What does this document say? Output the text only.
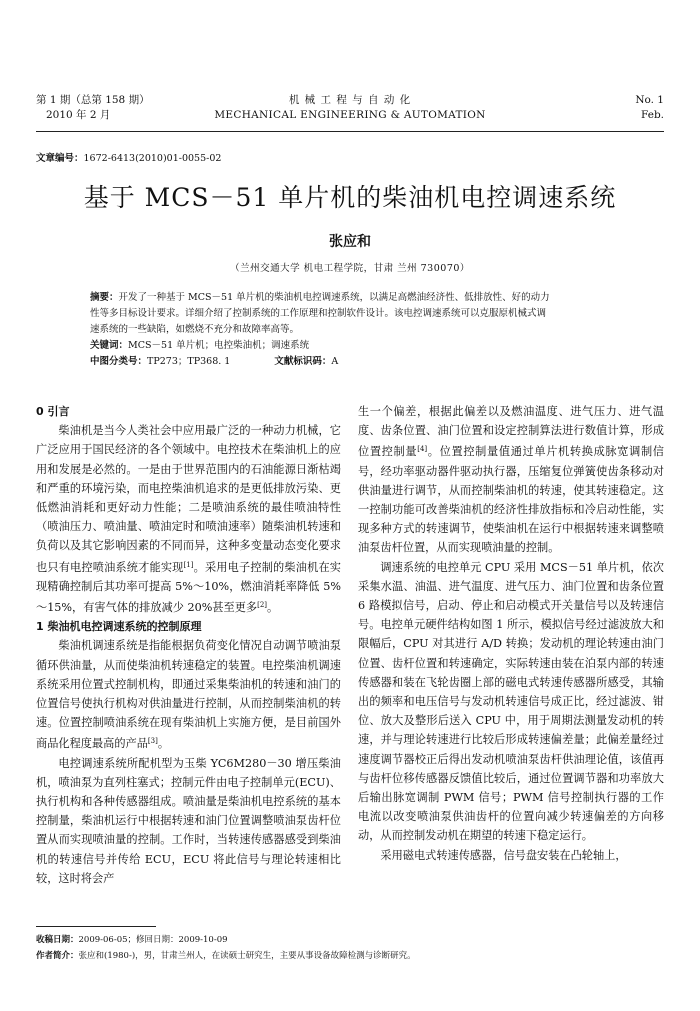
第 1 期（总第 158 期）
2010 年 2 月
机 械 工 程 与 自 动 化
MECHANICAL ENGINEERING & AUTOMATION
No. 1
Feb.
文章编号：1672-6413(2010)01-0055-02
基于 MCS－51 单片机的柴油机电控调速系统
张应和
（兰州交通大学 机电工程学院，甘肃 兰州 730070）
摘要：开发了一种基于 MCS－51 单片机的柴油机电控调速系统，以满足高燃油经济性、低排放性、好的动力
性等多目标设计要求。详细介绍了控制系统的工作原理和控制软件设计。该电控调速系统可以克服原机械式调
速系统的一些缺陷，如燃烧不充分和故障率高等。
关键词：MCS－51 单片机；电控柴油机；调速系统
中图分类号：TP273；TP368. 1	文献标识码：A
0 引言

柴油机是当今人类社会中应用最广泛的一种动力机械，它广泛应用于国民经济的各个领域中。电控技术在柴油机上的应用和发展是必然的。一是由于世界范围内的石油能源日渐枯竭和严重的环境污染，而电控柴油机追求的是更低排放污染、更低燃油消耗和更好动力性能；二是喷油系统的最佳喷油特性（喷油压力、喷油量、喷油定时和喷油速率）随柴油机转速和负荷以及其它影响因素的不同而异，这种多变量动态变化要求也只有电控喷油系统才能实现[1]。采用电子控制的柴油机在实现精确控制后其功率可提高 5%～10%，燃油消耗率降低 5%～15%，有害气体的排放减少 20%甚至更多[2]。

1 柴油机电控调速系统的控制原理

柴油机调速系统是指能根据负荷变化情况自动调节喷油泵循环供油量，从而使柴油机转速稳定的装置。电控柴油机调速系统采用位置式控制机构，即通过采集柴油机的转速和油门的位置信号使执行机构对供油量进行控制，从而控制柴油机的转速。位置控制喷油系统在现有柴油机上实施方便，是目前国外商品化程度最高的产品[3]。

电控调速系统所配机型为玉柴 YC6M280－30 增压柴油机，喷油泵为直列柱塞式；控制元件由电子控制单元(ECU)、执行机构和各种传感器组成。喷油量是柴油机电控系统的基本控制量，柴油机运行中根据转速和油门位置调整喷油泵齿杆位置从而实现喷油量的控制。工作时，当转速传感器感受到柴油机的转速信号并传给 ECU，ECU 将此信号与理论转速相比较，这时将会产

生一个偏差，根据此偏差以及燃油温度、进气压力、进气温度、齿条位置、油门位置和设定控制算法进行数值计算，形成位置控制量[4]。位置控制量值通过单片机转换成脉宽调制信号，经功率驱动器件驱动执行器，压缩复位弹簧使齿条移动对供油量进行调节，从而控制柴油机的转速，使其转速稳定。这一控制功能可改善柴油机的经济性排放指标和冷启动性能，实现多种方式的转速调节，使柴油机在运行中根据转速来调整喷油泵齿杆位置，从而实现喷油量的控制。

调速系统的电控单元 CPU 采用 MCS－51 单片机，依次采集水温、油温、进气温度、进气压力、油门位置和齿条位置 6 路模拟信号，启动、停止和启动模式开关量信号以及转速信号。电控单元硬件结构如图 1 所示，模拟信号经过滤波放大和限幅后，CPU 对其进行 A/D 转换；发动机的理论转速由油门位置、齿杆位置和转速确定，实际转速由装在泊泵内部的转速传感器和装在飞轮齿圈上部的磁电式转速传感器所感受，其输出的频率和电压信号与发动机转速信号成正比，经过滤波、钳位、放大及整形后送入 CPU 中，用于周期法测量发动机的转速，并与理论转速进行比较后形成转速偏差量；此偏差量经过速度调节器校正后得出发动机喷油泵齿杆供油理论值，该值再与齿杆位移传感器反馈值比较后，通过位置调节器和功率放大后输出脉宽调制 PWM 信号；PWM 信号控制执行器的工作电流以改变喷油泵供油齿杆的位置向减少转速偏差的方向移动，从而控制发动机在期望的转速下稳定运行。

采用磁电式转速传感器，信号盘安装在凸轮轴上，

收稿日期：2009-06-05；修回日期：2009-10-09
作者简介：张应和(1980-)，男，甘肃兰州人，在读硕士研究生，主要从事设备故障检测与诊断研究。
